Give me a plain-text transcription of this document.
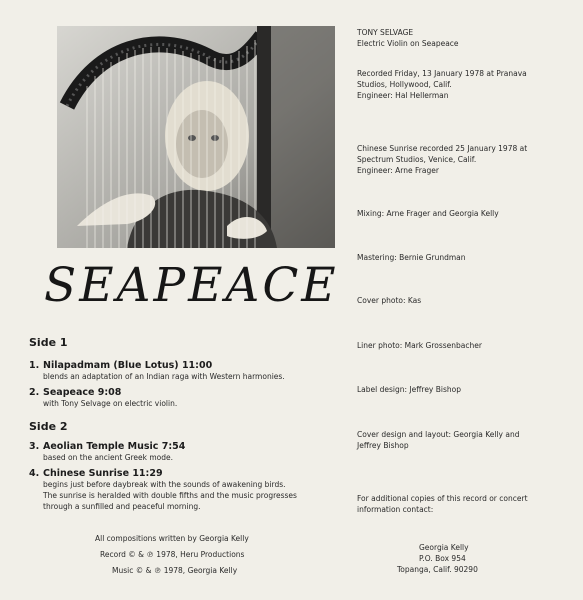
SEAPEACE
Side 1
1. Nilapadmam (Blue Lotus) 11:00
blends an adaptation of an Indian raga with Western harmonies.
2. Seapeace 9:08
with Tony Selvage on electric violin.
Side 2
3. Aeolian Temple Music 7:54
based on the ancient Greek mode.
4. Chinese Sunrise 11:29
begins just before daybreak with the sounds of awakening birds.
The sunrise is heralded with double fifths and the music progresses
through a sunfilled and peaceful morning.
All compositions written by Georgia Kelly
Record © & ℗ 1978, Heru Productions
Music © & ℗ 1978, Georgia Kelly
TONY SELVAGE
Electric Violin on Seapeace
Recorded Friday, 13 January 1978 at Pranava
Studios, Hollywood, Calif.
Engineer: Hal Hellerman
Chinese Sunrise recorded 25 January 1978 at
Spectrum Studios, Venice, Calif.
Engineer: Arne Frager
Mixing: Arne Frager and Georgia Kelly
Mastering: Bernie Grundman
Cover photo: Kas
Liner photo: Mark Grossenbacher
Label design: Jeffrey Bishop
Cover design and layout: Georgia Kelly and
Jeffrey Bishop
For additional copies of this record or concert
information contact:
Georgia Kelly
P.O. Box 954
Topanga, Calif. 90290
